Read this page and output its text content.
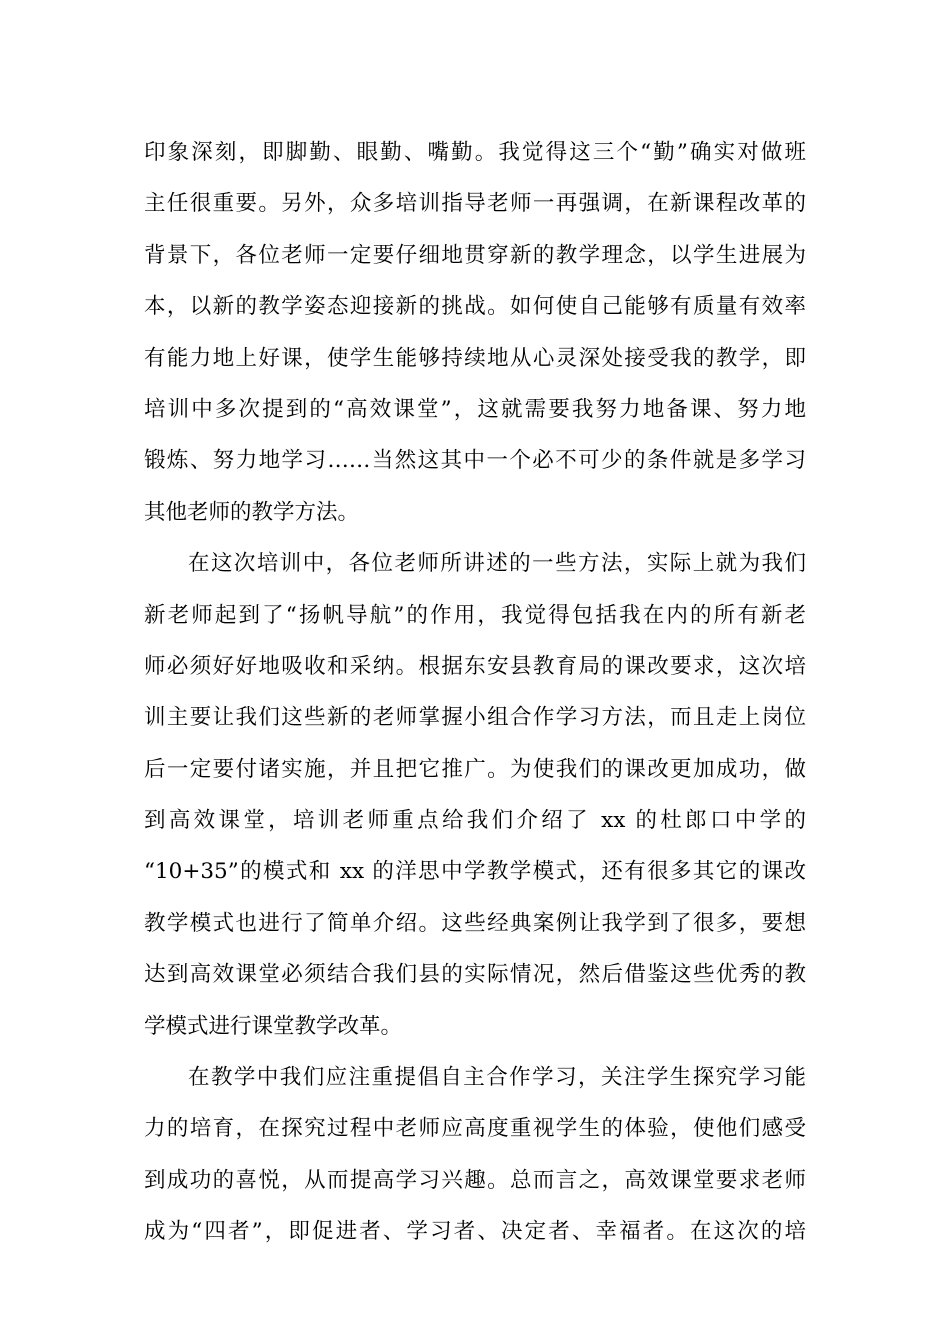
印象深刻，即脚勤、眼勤、嘴勤。我觉得这三个“勤”确实对做班
主任很重要。另外，众多培训指导老师一再强调，在新课程改革的
背景下，各位老师一定要仔细地贯穿新的教学理念，以学生进展为
本，以新的教学姿态迎接新的挑战。如何使自己能够有质量有效率
有能力地上好课，使学生能够持续地从心灵深处接受我的教学，即
培训中多次提到的“高效课堂”，这就需要我努力地备课、努力地
锻炼、努力地学习……当然这其中一个必不可少的条件就是多学习
其他老师的教学方法。
在这次培训中，各位老师所讲述的一些方法，实际上就为我们
新老师起到了“扬帆导航”的作用，我觉得包括我在内的所有新老
师必须好好地吸收和采纳。根据东安县教育局的课改要求，这次培
训主要让我们这些新的老师掌握小组合作学习方法，而且走上岗位
后一定要付诸实施，并且把它推广。为使我们的课改更加成功，做
到高效课堂，培训老师重点给我们介绍了 xx 的杜郎口中学的
“10+35”的模式和 xx 的洋思中学教学模式，还有很多其它的课改
教学模式也进行了简单介绍。这些经典案例让我学到了很多，要想
达到高效课堂必须结合我们县的实际情况，然后借鉴这些优秀的教
学模式进行课堂教学改革。
在教学中我们应注重提倡自主合作学习，关注学生探究学习能
力的培育，在探究过程中老师应高度重视学生的体验，使他们感受
到成功的喜悦，从而提高学习兴趣。总而言之，高效课堂要求老师
成为“四者”，即促进者、学习者、决定者、幸福者。在这次的培
